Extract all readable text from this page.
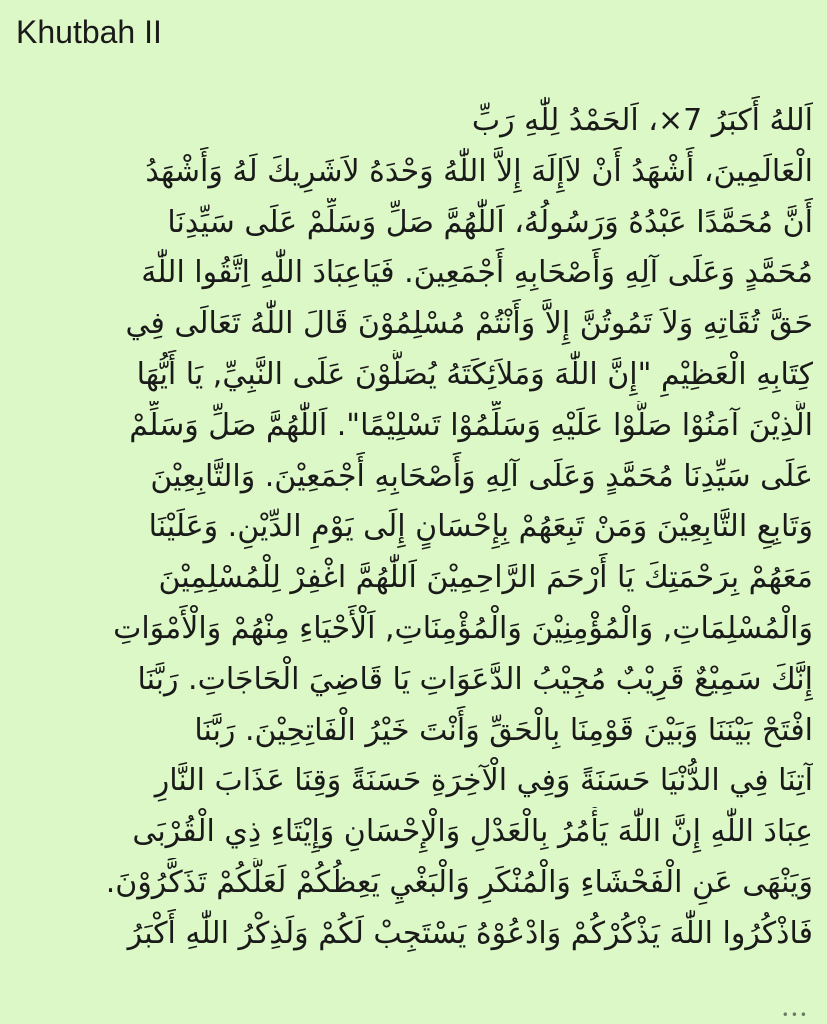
Khutbah II
اَللهُ أَكبَرُ 7×، اَلحَمْدُ لِلّٰهِ رَبِّ
الْعَالَمِينَ، أَشْهَدُ أَنْ لاَإِلَهَ إِلاَّ اللّٰهُ وَحْدَهُ لاَشَرِيكَ لَهُ وَأَشْهَدُ
أَنَّ مُحَمَّدًا عَبْدُهُ وَرَسُولُهُ، اَللّٰهُمَّ صَلِّ وَسَلِّمْ عَلَى سَيِّدِنَا
مُحَمَّدٍ وَعَلَى آلِهِ وَأَصْحَابِهِ أَجْمَعِينَ. فَيَاعِبَادَ اللّٰهِ اِتَّقُوا اللّٰهَ
حَقَّ تُقَاتِهِ وَلاَ تَمُوتُنَّ إِلاَّ وَأَنْتُمْ مُسْلِمُوْنَ قَالَ اللّٰهُ تَعَالَى فِي
كِتَابِهِ الْعَظِيْمِ "إِنَّ اللّٰهَ وَمَلاَئِكَتَهُ يُصَلُّوْنَ عَلَى النَّبِيِّ, يَا أَيُّهَا
الَّذِيْنَ آمَنُوْا صَلُّوْا عَلَيْهِ وَسَلِّمُوْا تَسْلِيْمًا". اَللّٰهُمَّ صَلِّ وَسَلِّمْ
عَلَى سَيِّدِنَا مُحَمَّدٍ وَعَلَى آلِهِ وَأَصْحَابِهِ أَجْمَعِيْنَ. وَالتَّابِعِيْنَ
وَتَابِعِ التَّابِعِيْنَ وَمَنْ تَبِعَهُمْ بِإِحْسَانٍ إِلَى يَوْمِ الدِّيْنِ. وَعَلَيْنَا
مَعَهُمْ بِرَحْمَتِكَ يَا أَرْحَمَ الرَّاحِمِيْنَ اَللّٰهُمَّ اغْفِرْ لِلْمُسْلِمِيْنَ
وَالْمُسْلِمَاتِ, وَالْمُؤْمِنِيْنَ وَالْمُؤْمِنَاتِ, اَلْأَحْيَاءِ مِنْهُمْ وَالْأَمْوَاتِ
إِنَّكَ سَمِيْعٌ قَرِيْبٌ مُجِيْبُ الدَّعَوَاتِ يَا قَاضِيَ الْحَاجَاتِ. رَبَّنَا
افْتَحْ بَيْنَنَا وَبَيْنَ قَوْمِنَا بِالْحَقِّ وَأَنْتَ خَيْرُ الْفَاتِحِيْنَ. رَبَّنَا
آتِنَا فِي الدُّنْيَا حَسَنَةً وَفِي الْآخِرَةِ حَسَنَةً وَقِنَا عَذَابَ النَّارِ
عِبَادَ اللّٰهِ إِنَّ اللّٰهَ يَأْمُرُ بِالْعَدْلِ وَالْإِحْسَانِ وَإِيْتَاءِ ذِي الْقُرْبَى
وَيَنْهَى عَنِ الْفَحْشَاءِ وَالْمُنْكَرِ وَالْبَغْيِ يَعِظُكُمْ لَعَلَّكُمْ تَذَكَّرُوْنَ.
فَاذْكُرُوا اللّٰهَ يَذْكُرْكُمْ وَادْعُوْهُ يَسْتَجِبْ لَكُمْ وَلَذِكْرُ اللّٰهِ أَكْبَرُ
•••
